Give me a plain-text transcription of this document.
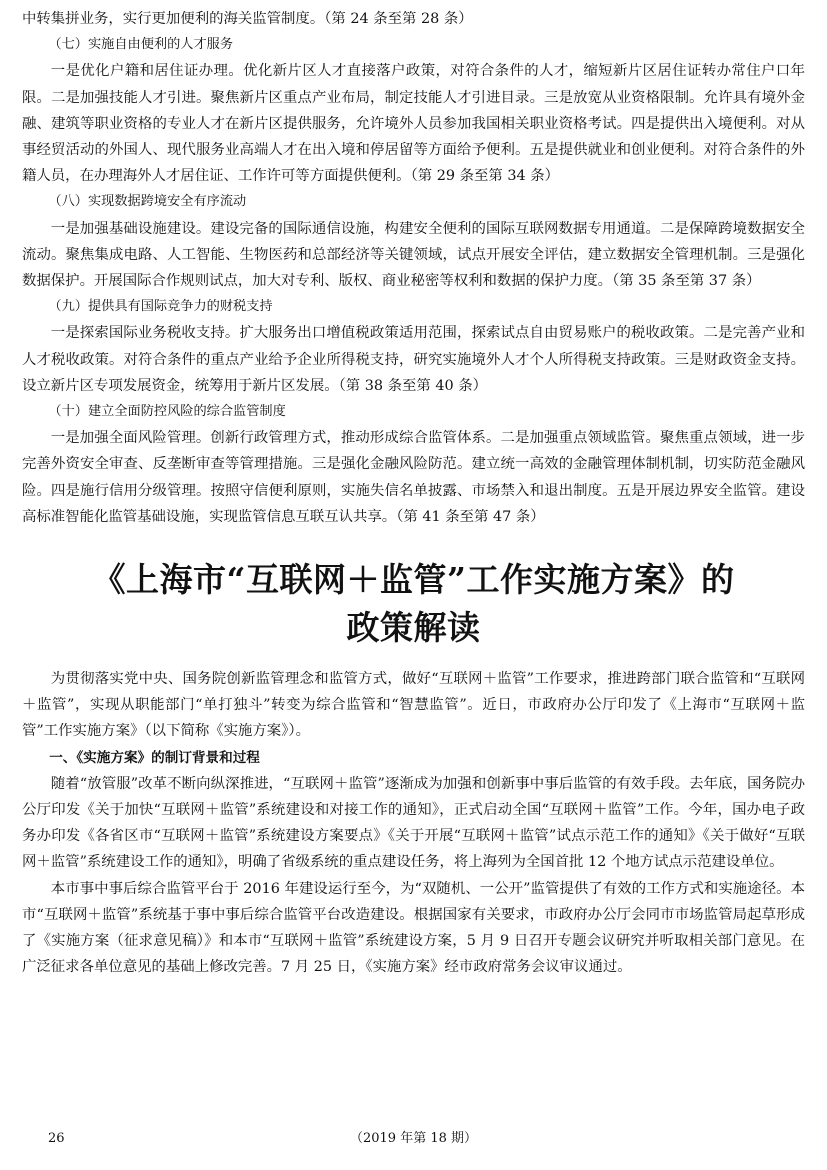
中转集拼业务，实行更加便利的海关监管制度。（第 24 条至第 28 条）

（七）实施自由便利的人才服务

一是优化户籍和居住证办理。优化新片区人才直接落户政策，对符合条件的人才，缩短新片区居住证转办常住户口年限。二是加强技能人才引进。聚焦新片区重点产业布局，制定技能人才引进目录。三是放宽从业资格限制。允许具有境外金融、建筑等职业资格的专业人才在新片区提供服务，允许境外人员参加我国相关职业资格考试。四是提供出入境便利。对从事经贸活动的外国人、现代服务业高端人才在出入境和停居留等方面给予便利。五是提供就业和创业便利。对符合条件的外籍人员，在办理海外人才居住证、工作许可等方面提供便利。（第 29 条至第 34 条）

（八）实现数据跨境安全有序流动

一是加强基础设施建设。建设完备的国际通信设施，构建安全便利的国际互联网数据专用通道。二是保障跨境数据安全流动。聚焦集成电路、人工智能、生物医药和总部经济等关键领域，试点开展安全评估，建立数据安全管理机制。三是强化数据保护。开展国际合作规则试点，加大对专利、版权、商业秘密等权利和数据的保护力度。（第 35 条至第 37 条）

（九）提供具有国际竞争力的财税支持

一是探索国际业务税收支持。扩大服务出口增值税政策适用范围，探索试点自由贸易账户的税收政策。二是完善产业和人才税收政策。对符合条件的重点产业给予企业所得税支持，研究实施境外人才个人所得税支持政策。三是财政资金支持。设立新片区专项发展资金，统筹用于新片区发展。（第 38 条至第 40 条）

（十）建立全面防控风险的综合监管制度

一是加强全面风险管理。创新行政管理方式，推动形成综合监管体系。二是加强重点领域监管。聚焦重点领域，进一步完善外资安全审查、反垄断审查等管理措施。三是强化金融风险防范。建立统一高效的金融管理体制机制，切实防范金融风险。四是施行信用分级管理。按照守信便利原则，实施失信名单披露、市场禁入和退出制度。五是开展边界安全监管。建设高标准智能化监管基础设施，实现监管信息互联互认共享。（第 41 条至第 47 条）

《上海市“互联网＋监管”工作实施方案》的
政策解读

为贯彻落实党中央、国务院创新监管理念和监管方式，做好“互联网＋监管”工作要求，推进跨部门联合监管和“互联网＋监管”，实现从职能部门“单打独斗”转变为综合监管和“智慧监管”。近日，市政府办公厅印发了《上海市“互联网＋监管”工作实施方案》（以下简称《实施方案》）。

一、《实施方案》的制订背景和过程

随着“放管服”改革不断向纵深推进，“互联网＋监管”逐渐成为加强和创新事中事后监管的有效手段。去年底，国务院办公厅印发《关于加快“互联网＋监管”系统建设和对接工作的通知》，正式启动全国“互联网＋监管”工作。今年，国办电子政务办印发《各省区市“互联网＋监管”系统建设方案要点》《关于开展“互联网＋监管”试点示范工作的通知》《关于做好“互联网＋监管”系统建设工作的通知》，明确了省级系统的重点建设任务，将上海列为全国首批 12 个地方试点示范建设单位。

本市事中事后综合监管平台于 2016 年建设运行至今，为“双随机、一公开”监管提供了有效的工作方式和实施途径。本市“互联网＋监管”系统基于事中事后综合监管平台改造建设。根据国家有关要求，市政府办公厅会同市市场监管局起草形成了《实施方案（征求意见稿）》和本市“互联网＋监管”系统建设方案，5 月 9 日召开专题会议研究并听取相关部门意见。在广泛征求各单位意见的基础上修改完善。7 月 25 日，《实施方案》经市政府常务会议审议通过。

26	（2019 年第 18 期）
